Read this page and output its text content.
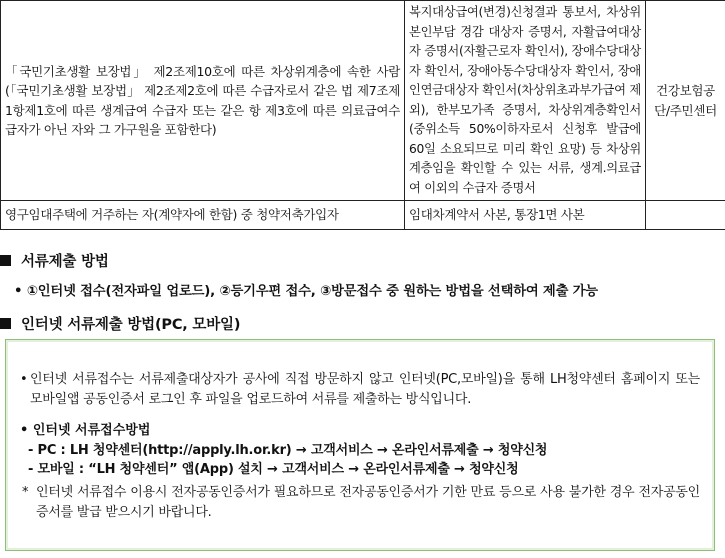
「국민기초생활 보장법」 제2조제10호에 따른 차상위계층에 속한 사람(「국민기초생활 보장법」 제2조제2호에 따른 수급자로서 같은 법 제7조제1항제1호에 따른 생계급여 수급자 또는 같은 항 제3호에 따른 의료급여수급자가 아닌 자와 그 가구원을 포함한다)	복지대상급여(변경)신청결과 통보서, 차상위 본인부담 경감 대상자 증명서, 자활급여대상자 증명서(자활근로자 확인서), 장애수당대상자 확인서, 장애아동수당대상자 확인서, 장애인연금대상자 확인서(차상위초과부가급여 제외), 한부모가족 증명서, 차상위계층확인서(중위소득 50%이하자로서 신청후 발급에 60일 소요되므로 미리 확인 요망) 등 차상위계층임을 확인할 수 있는 서류, 생계.의료급여 이외의 수급자 증명서	건강보험공단/주민센터
영구임대주택에 거주하는 자(계약자에 한함) 중 청약저축가입자	임대차계약서 사본, 통장1면 사본	
서류제출 방법
• ①인터넷 접수(전자파일 업로드), ②등기우편 접수, ③방문접수 중 원하는 방법을 선택하여 제출 가능
인터넷 서류제출 방법(PC, 모바일)
• 인터넷 서류접수는 서류제출대상자가 공사에 직접 방문하지 않고 인터넷(PC,모바일)을 통해 LH청약센터 홈페이지 또는 모바일앱 공동인증서 로그인 후 파일을 업로드하여 서류를 제출하는 방식입니다.
• 인터넷 서류접수방법
- PC : LH 청약센터(http://apply.lh.or.kr) → 고객서비스 → 온라인서류제출 → 청약신청
- 모바일 : “LH 청약센터” 앱(App) 설치 → 고객서비스 → 온라인서류제출 → 청약신청
* 인터넷 서류접수 이용시 전자공동인증서가 필요하므로 전자공동인증서가 기한 만료 등으로 사용 불가한 경우 전자공동인증서를 발급 받으시기 바랍니다.
